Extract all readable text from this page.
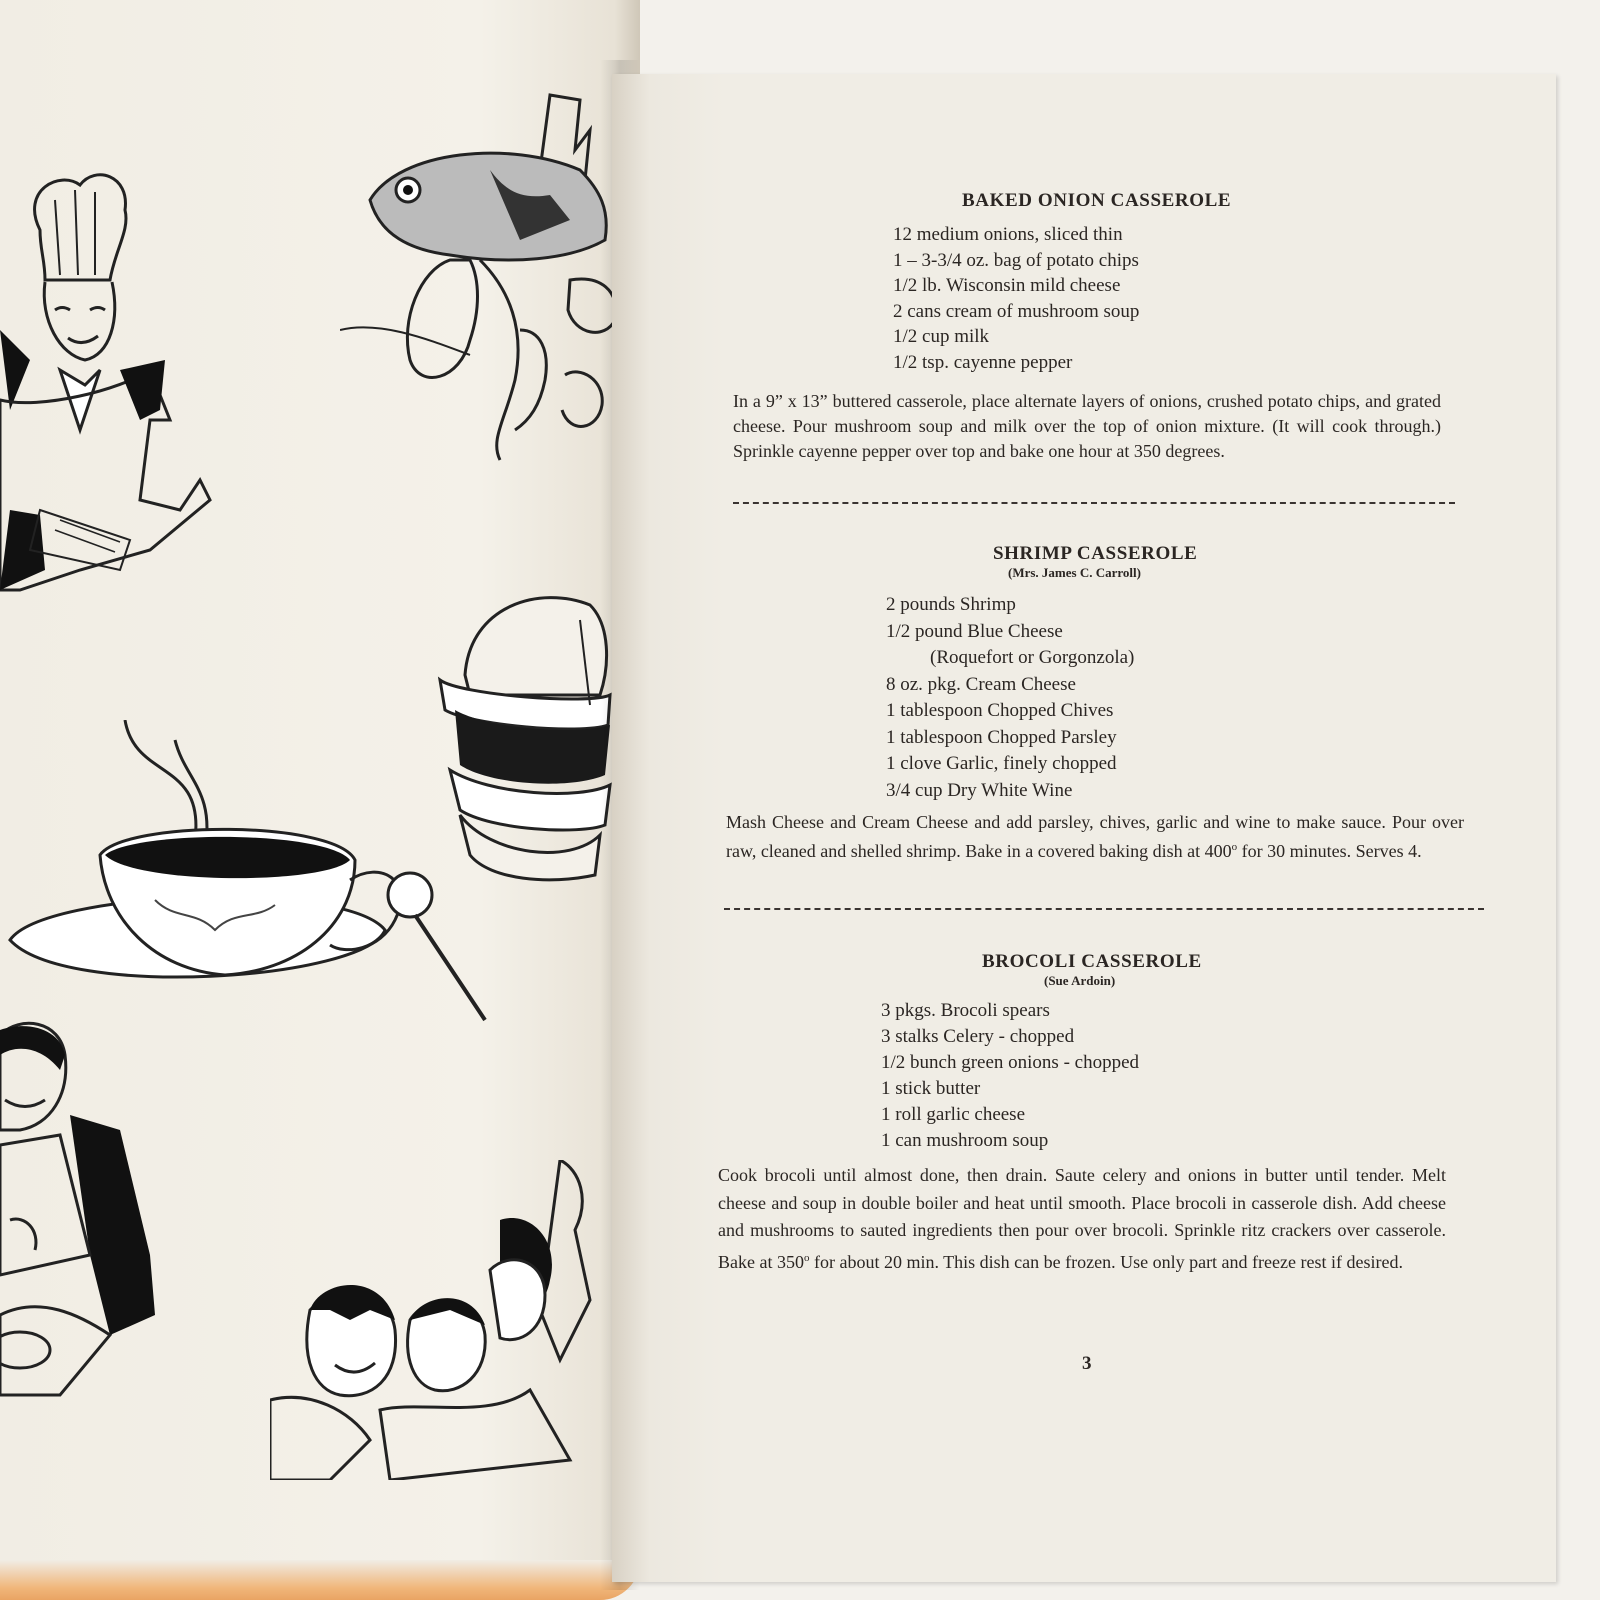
BAKED ONION CASSEROLE
12 medium onions, sliced thin
1 – 3-3/4 oz. bag of potato chips
1/2 lb. Wisconsin mild cheese
2 cans cream of mushroom soup
1/2 cup milk
1/2 tsp. cayenne pepper
In a 9” x 13” buttered casserole, place alternate layers of onions, crushed potato chips, and grated cheese. Pour mushroom soup and milk over the top of onion mixture. (It will cook through.) Sprinkle cayenne pepper over top and bake one hour at 350 degrees.
SHRIMP CASSEROLE
(Mrs. James C. Carroll)
2 pounds Shrimp
1/2 pound Blue Cheese
(Roquefort or Gorgonzola)
8 oz. pkg. Cream Cheese
1 tablespoon Chopped Chives
1 tablespoon Chopped Parsley
1 clove Garlic, finely chopped
3/4 cup Dry White Wine
Mash Cheese and Cream Cheese and add parsley, chives, garlic and wine to make sauce. Pour over raw, cleaned and shelled shrimp. Bake in a covered baking dish at 400$^o$ for 30 minutes. Serves 4.
BROCOLI CASSEROLE
(Sue Ardoin)
3 pkgs. Brocoli spears
3 stalks Celery - chopped
1/2 bunch green onions - chopped
1 stick butter
1 roll garlic cheese
1 can mushroom soup
Cook brocoli until almost done, then drain. Saute celery and onions in butter until tender. Melt cheese and soup in double boiler and heat until smooth. Place brocoli in casserole dish. Add cheese and mushrooms to sauted ingredients then pour over brocoli. Sprinkle ritz crackers over casserole. Bake at 350$^o$ for about 20 min. This dish can be frozen. Use only part and freeze rest if desired.
3
